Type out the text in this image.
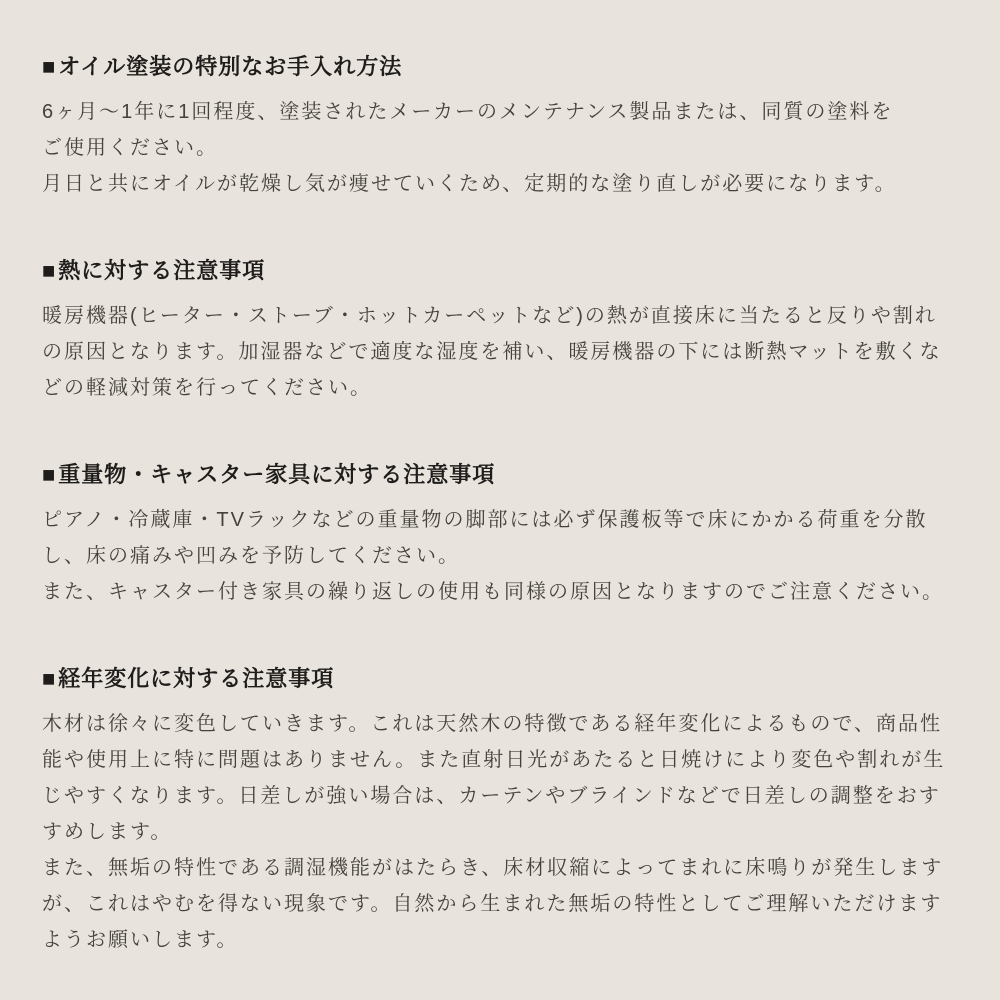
■オイル塗装の特別なお手入れ方法

6ヶ月〜1年に1回程度、塗装されたメーカーのメンテナンス製品または、同質の塗料を

ご使用ください。

月日と共にオイルが乾燥し気が痩せていくため、定期的な塗り直しが必要になります。

■熱に対する注意事項

暖房機器(ヒーター・ストーブ・ホットカーペットなど)の熱が直接床に当たると反りや割れ

の原因となります。加湿器などで適度な湿度を補い、暖房機器の下には断熱マットを敷くな

どの軽減対策を行ってください。

■重量物・キャスター家具に対する注意事項

ピアノ・冷蔵庫・TVラックなどの重量物の脚部には必ず保護板等で床にかかる荷重を分散

し、床の痛みや凹みを予防してください。

また、キャスター付き家具の繰り返しの使用も同様の原因となりますのでご注意ください。

■経年変化に対する注意事項

木材は徐々に変色していきます。これは天然木の特徴である経年変化によるもので、商品性

能や使用上に特に問題はありません。また直射日光があたると日焼けにより変色や割れが生

じやすくなります。日差しが強い場合は、カーテンやブラインドなどで日差しの調整をおす

すめします。

また、無垢の特性である調湿機能がはたらき、床材収縮によってまれに床鳴りが発生します

が、これはやむを得ない現象です。自然から生まれた無垢の特性としてご理解いただけます

ようお願いします。
